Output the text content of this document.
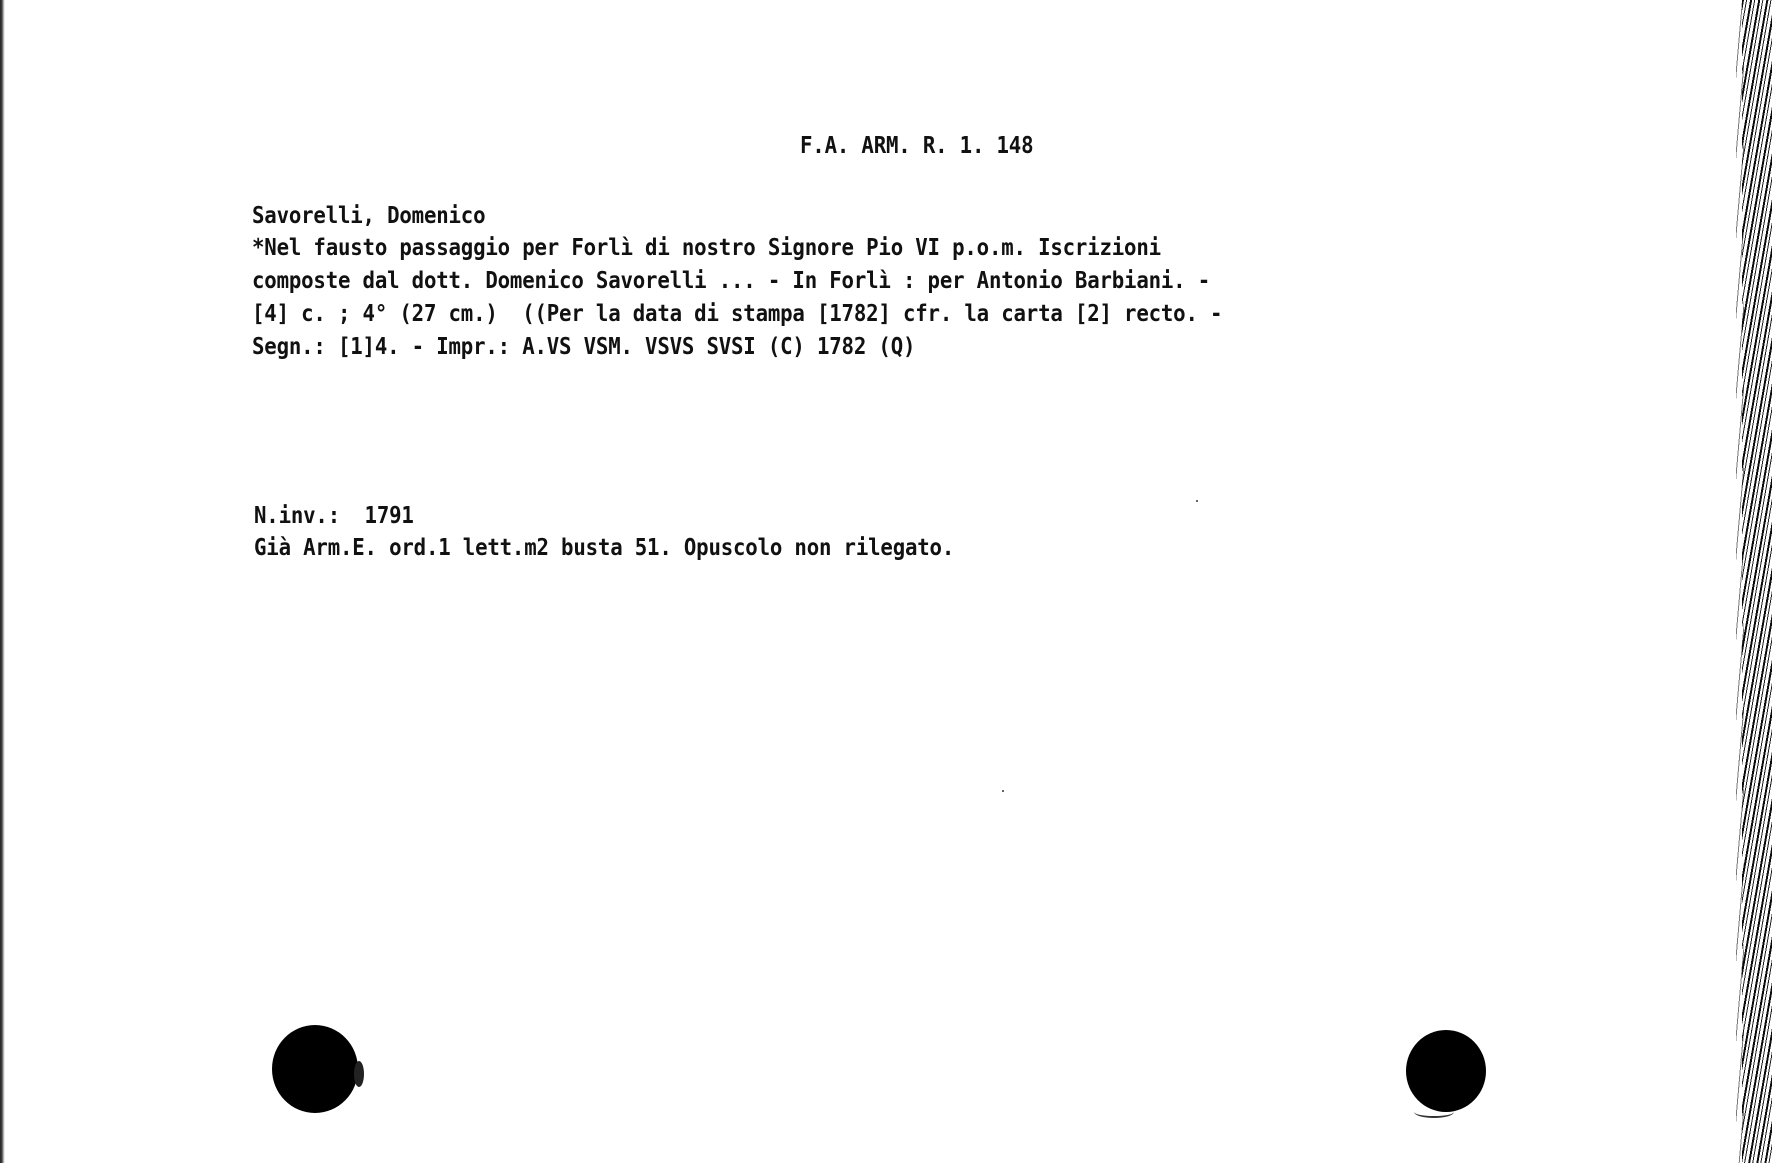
F.A. ARM. R. 1. 148
Savorelli, Domenico
*Nel fausto passaggio per Forlì di nostro Signore Pio VI p.o.m. Iscrizioni
composte dal dott. Domenico Savorelli ... - In Forlì : per Antonio Barbiani. -
[4] c. ; 4° (27 cm.)  ((Per la data di stampa [1782] cfr. la carta [2] recto. -
Segn.: [1]4. - Impr.: A.VS VSM. VSVS SVSI (C) 1782 (Q)
N.inv.:  1791
Già Arm.E. ord.1 lett.m2 busta 51. Opuscolo non rilegato.
